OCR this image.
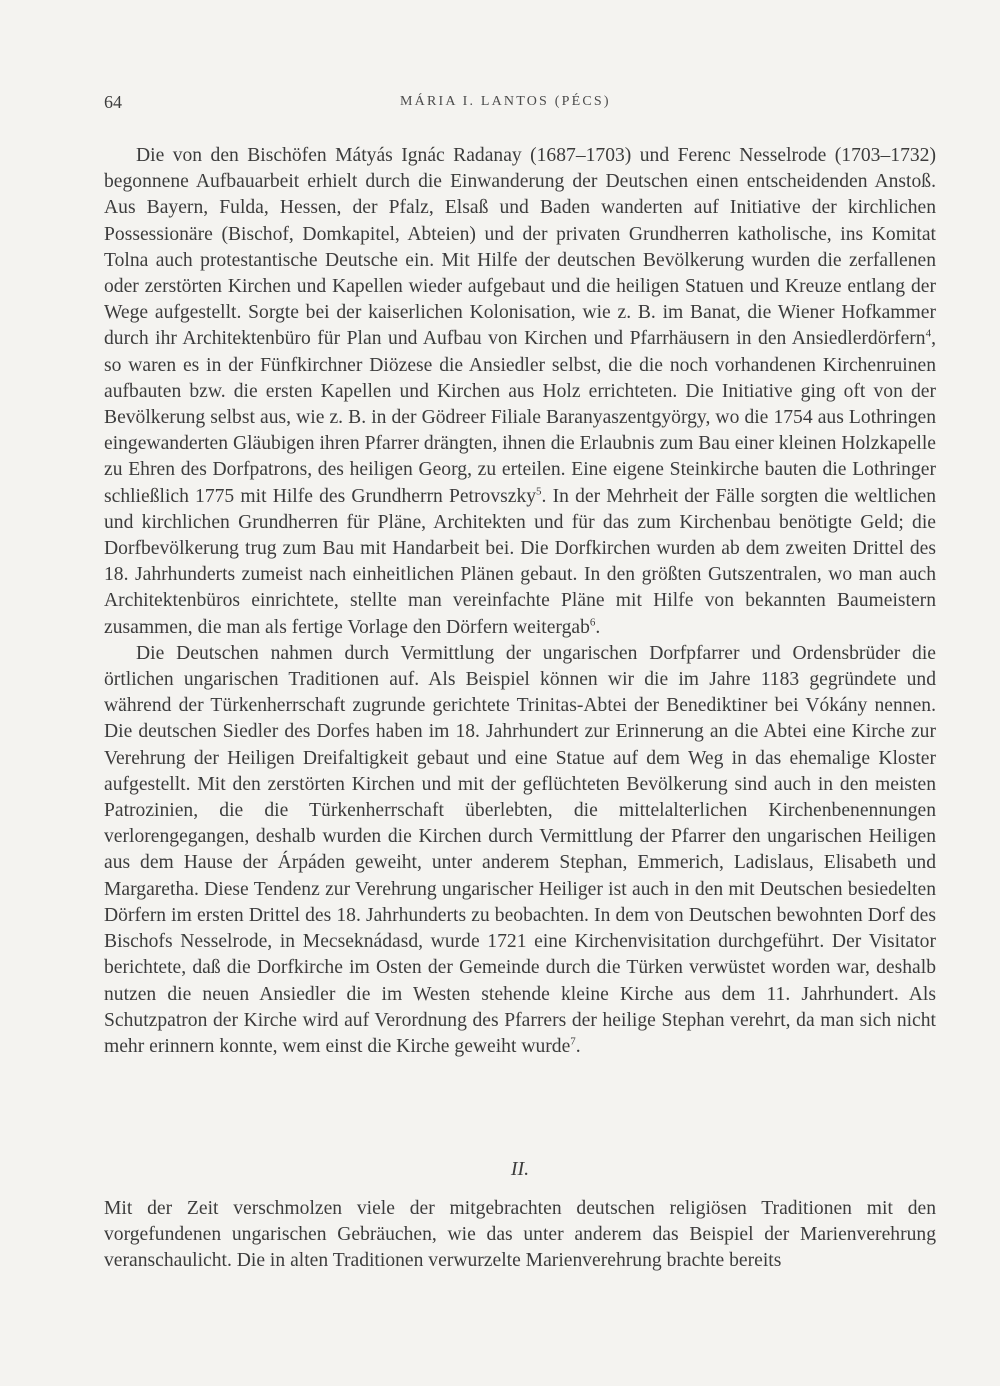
64	MÁRIA I. LANTOS (PÉCS)

Die von den Bischöfen Mátyás Ignác Radanay (1687–1703) und Ferenc Nesselrode (1703–1732) begonnene Aufbauarbeit erhielt durch die Einwanderung der Deutschen einen entscheidenden Anstoß. Aus Bayern, Fulda, Hessen, der Pfalz, Elsaß und Baden wanderten auf Initiative der kirchlichen Possessionäre (Bischof, Domkapitel, Abteien) und der privaten Grundherren katholische, ins Komitat Tolna auch protestantische Deutsche ein. Mit Hilfe der deutschen Bevölkerung wurden die zerfallenen oder zerstörten Kirchen und Kapellen wieder aufgebaut und die heiligen Statuen und Kreuze entlang der Wege aufgestellt. Sorgte bei der kaiserlichen Kolonisation, wie z. B. im Banat, die Wiener Hofkammer durch ihr Architektenbüro für Plan und Aufbau von Kirchen und Pfarrhäusern in den Ansiedlerdörfern$^4$, so waren es in der Fünfkirchner Diözese die Ansiedler selbst, die die noch vorhandenen Kirchenruinen aufbauten bzw. die ersten Kapellen und Kirchen aus Holz errichteten. Die Initiative ging oft von der Bevölkerung selbst aus, wie z. B. in der Gödreer Filiale Baranyaszentgyörgy, wo die 1754 aus Lothringen eingewanderten Gläubigen ihren Pfarrer drängten, ihnen die Erlaubnis zum Bau einer kleinen Holzkapelle zu Ehren des Dorfpatrons, des heiligen Georg, zu erteilen. Eine eigene Steinkirche bauten die Lothringer schließlich 1775 mit Hilfe des Grundherrn Petrovszky$^5$. In der Mehrheit der Fälle sorgten die weltlichen und kirchlichen Grundherren für Pläne, Architekten und für das zum Kirchenbau benötigte Geld; die Dorfbevölkerung trug zum Bau mit Handarbeit bei. Die Dorfkirchen wurden ab dem zweiten Drittel des 18. Jahrhunderts zumeist nach einheitlichen Plänen gebaut. In den größten Gutszentralen, wo man auch Architektenbüros einrichtete, stellte man vereinfachte Pläne mit Hilfe von bekannten Baumeistern zusammen, die man als fertige Vorlage den Dörfern weitergab$^6$.

Die Deutschen nahmen durch Vermittlung der ungarischen Dorfpfarrer und Ordensbrüder die örtlichen ungarischen Traditionen auf. Als Beispiel können wir die im Jahre 1183 gegründete und während der Türkenherrschaft zugrunde gerichtete Trinitas-Abtei der Benediktiner bei Vókány nennen. Die deutschen Siedler des Dorfes haben im 18. Jahrhundert zur Erinnerung an die Abtei eine Kirche zur Verehrung der Heiligen Dreifaltigkeit gebaut und eine Statue auf dem Weg in das ehemalige Kloster aufgestellt. Mit den zerstörten Kirchen und mit der geflüchteten Bevölkerung sind auch in den meisten Patrozinien, die die Türkenherrschaft überlebten, die mittelalterlichen Kirchenbenennungen verlorengegangen, deshalb wurden die Kirchen durch Vermittlung der Pfarrer den ungarischen Heiligen aus dem Hause der Árpáden geweiht, unter anderem Stephan, Emmerich, Ladislaus, Elisabeth und Margaretha. Diese Tendenz zur Verehrung ungarischer Heiliger ist auch in den mit Deutschen besiedelten Dörfern im ersten Drittel des 18. Jahrhunderts zu beobachten. In dem von Deutschen bewohnten Dorf des Bischofs Nesselrode, in Mecseknádasd, wurde 1721 eine Kirchenvisitation durchgeführt. Der Visitator berichtete, daß die Dorfkirche im Osten der Gemeinde durch die Türken verwüstet worden war, deshalb nutzen die neuen Ansiedler die im Westen stehende kleine Kirche aus dem 11. Jahrhundert. Als Schutzpatron der Kirche wird auf Verordnung des Pfarrers der heilige Stephan verehrt, da man sich nicht mehr erinnern konnte, wem einst die Kirche geweiht wurde$^7$.

II.

Mit der Zeit verschmolzen viele der mitgebrachten deutschen religiösen Traditionen mit den vorgefundenen ungarischen Gebräuchen, wie das unter anderem das Beispiel der Marienverehrung veranschaulicht. Die in alten Traditionen verwurzelte Marienverehrung brachte bereits
